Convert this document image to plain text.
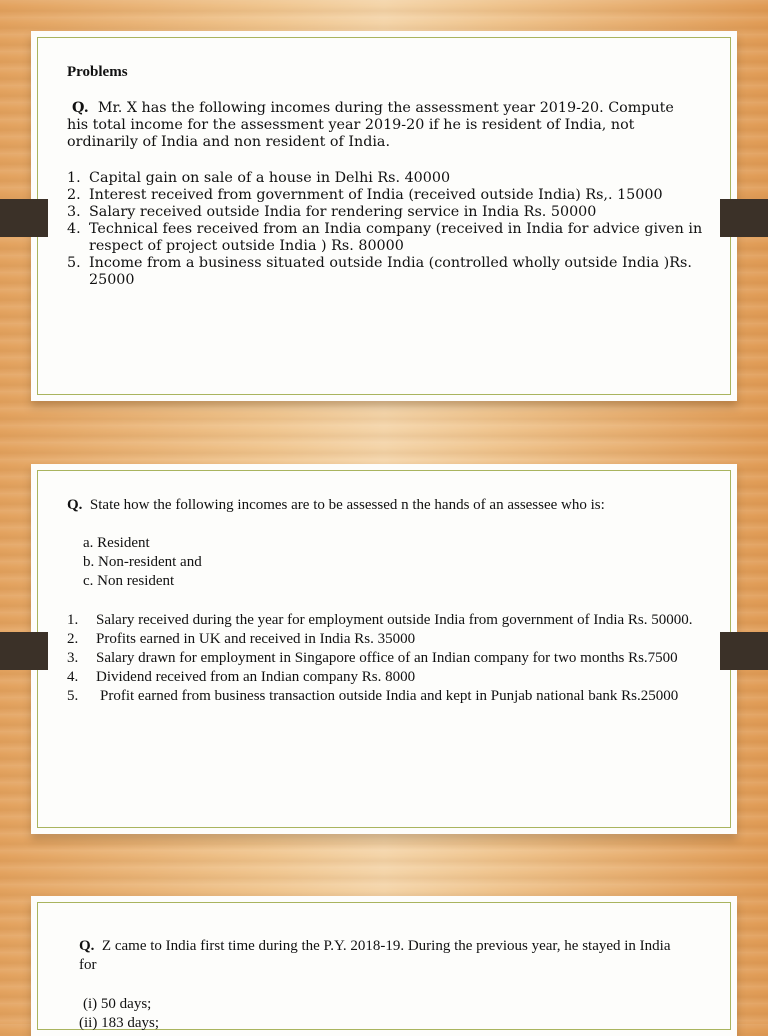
Problems
Q. Mr. X has the following incomes during the assessment year 2019-20. Compute his total income for the assessment year 2019-20 if he is resident of India, not ordinarily of India and non resident of India.
1. Capital gain on sale of a house in Delhi Rs. 40000
2. Interest received from government of India (received outside India) Rs,. 15000
3. Salary received outside India for rendering service in India Rs. 50000
4. Technical fees received from an India company (received in India for advice given in respect of project outside India ) Rs. 80000
5. Income from a business situated outside India (controlled wholly outside India )Rs. 25000
Q. State how the following incomes are to be assessed n the hands of an assessee who is:
a. Resident
b. Non-resident and
c. Non resident
1. Salary received during the year for employment outside India from government of India Rs. 50000.
2. Profits earned in UK and received in India Rs. 35000
3. Salary drawn for employment in Singapore office of an Indian company for two months Rs.7500
4. Dividend received from an Indian company Rs. 8000
5. Profit earned from business transaction outside India and kept in Punjab national bank Rs.25000
Q. Z came to India first time during the P.Y. 2018-19. During the previous year, he stayed in India for
(i) 50 days;
(ii) 183 days;
